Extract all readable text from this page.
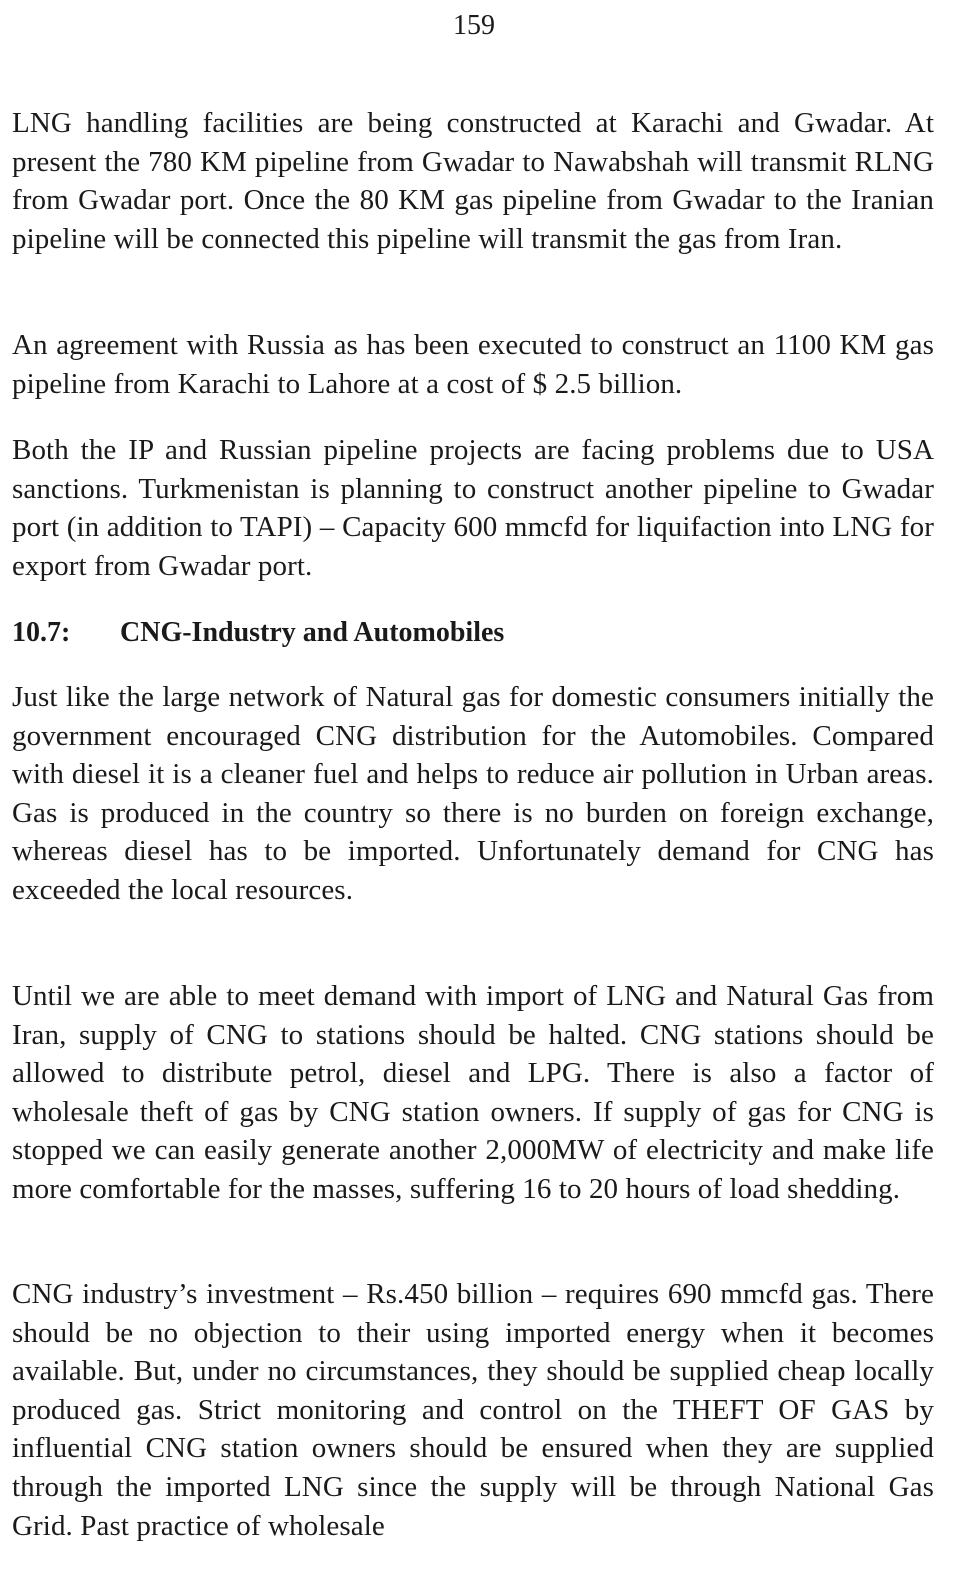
159

LNG handling facilities are being constructed at Karachi and Gwadar. At present the 780 KM pipeline from Gwadar to Nawabshah will transmit RLNG from Gwadar port. Once the 80 KM gas pipeline from Gwadar to the Iranian pipeline will be connected this pipeline will transmit the gas from Iran.

An agreement with Russia as has been executed to construct an 1100 KM gas pipeline from Karachi to Lahore at a cost of $ 2.5 billion.

Both the IP and Russian pipeline projects are facing problems due to USA sanctions. Turkmenistan is planning to construct another pipeline to Gwadar port (in addition to TAPI) – Capacity 600 mmcfd for liquifaction into LNG for export from Gwadar port.

10.7: CNG-Industry and Automobiles

Just like the large network of Natural gas for domestic consumers initially the government encouraged CNG distribution for the Automobiles. Compared with diesel it is a cleaner fuel and helps to reduce air pollution in Urban areas. Gas is produced in the country so there is no burden on foreign exchange, whereas diesel has to be imported. Unfortunately demand for CNG has exceeded the local resources.

Until we are able to meet demand with import of LNG and Natural Gas from Iran, supply of CNG to stations should be halted. CNG stations should be allowed to distribute petrol, diesel and LPG. There is also a factor of wholesale theft of gas by CNG station owners. If supply of gas for CNG is stopped we can easily generate another 2,000MW of electricity and make life more comfortable for the masses, suffering 16 to 20 hours of load shedding.

CNG industry’s investment – Rs.450 billion – requires 690 mmcfd gas. There should be no objection to their using imported energy when it becomes available. But, under no circumstances, they should be supplied cheap locally produced gas. Strict monitoring and control on the THEFT OF GAS by influential CNG station owners should be ensured when they are supplied through the imported LNG since the supply will be through National Gas Grid. Past practice of wholesale
